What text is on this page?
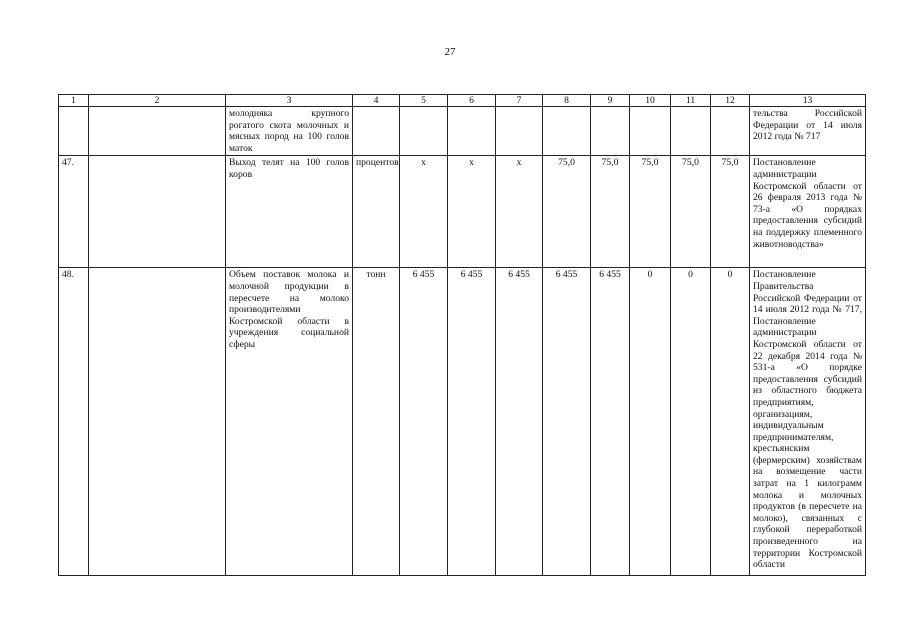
27
1	2	3	4	5	6	7	8	9	10	11	12	13
		молодняка крупного рогатого скота молочных и мясных пород на 100 голов маток										тельства Российской Федерации от 14 июля 2012 года № 717
47.		Выход телят на 100 голов коров	процентов	x	x	x	75,0	75,0	75,0	75,0	75,0	Постановление администрации Костромской области от 26 февраля 2013 года № 73-а «О порядках предоставления субсидий на поддержку племенного животноводства»
48.		Объем поставок молока и молочной продукции в пересчете на молоко производителями Костромской области в учреждения социальной сферы	тонн	6 455	6 455	6 455	6 455	6 455	0	0	0	Постановление Правительства Российской Федерации от 14 июля 2012 года № 717, Постановление администрации Костромской области от 22 декабря 2014 года № 531-а «О порядке предоставления субсидий из областного бюджета предприятиям, организациям, индивидуальным предпринимателям, крестьянским (фермерским) хозяйствам на возмещение части затрат на 1 килограмм молока и молочных продуктов (в пересчете на молоко), связанных с глубокой переработкой произведенного на территории Костромской области
